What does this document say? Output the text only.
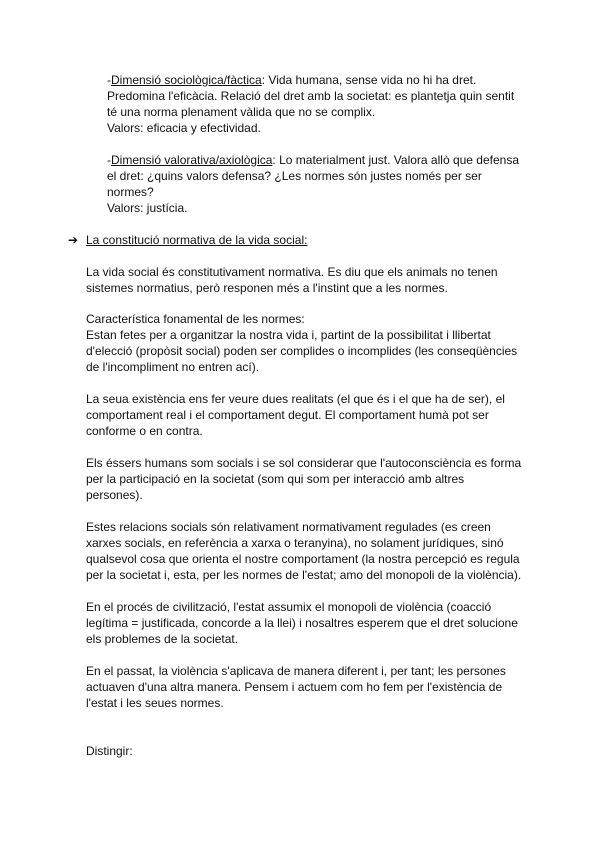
-Dimensió sociològica/fàctica: Vida humana, sense vida no hi ha dret.
Predomina l'eficàcia. Relació del dret amb la societat: es plantetja quin sentit
té una norma plenament vàlida que no se complix.
Valors: eficacia y efectividad.
-Dimensió valorativa/axiològica: Lo materialment just. Valora allò que defensa
el dret: ¿quins valors defensa? ¿Les normes són justes només per ser
normes?
Valors: justícia.
➔ La constitució normativa de la vida social:
La vida social és constitutivament normativa. Es diu que els animals no tenen
sistemes normatius, però responen més a l'instint que a les normes.
Característica fonamental de les normes:
Estan fetes per a organitzar la nostra vida i, partint de la possibilitat i llibertat
d'elecció (propòsit social) poden ser complides o incomplides (les conseqüències
de l'incompliment no entren ací).
La seua existència ens fer veure dues realitats (el que és i el que ha de ser), el
comportament real i el comportament degut. El comportament humà pot ser
conforme o en contra.
Els éssers humans som socials i se sol considerar que l'autoconsciència es forma
per la participació en la societat (som qui som per interacció amb altres
persones).
Estes relacions socials són relativament normativament regulades (es creen
xarxes socials, en referència a xarxa o teranyina), no solament jurídiques, sinó
qualsevol cosa que orienta el nostre comportament (la nostra percepció es regula
per la societat i, esta, per les normes de l'estat; amo del monopoli de la violència).
En el procés de civilització, l'estat assumix el monopoli de violència (coacció
legítima = justificada, concorde a la llei) i nosaltres esperem que el dret solucione
els problemes de la societat.
En el passat, la violència s'aplicava de manera diferent i, per tant; les persones
actuaven d'una altra manera. Pensem i actuem com ho fem per l'existència de
l'estat i les seues normes.
Distingir:
